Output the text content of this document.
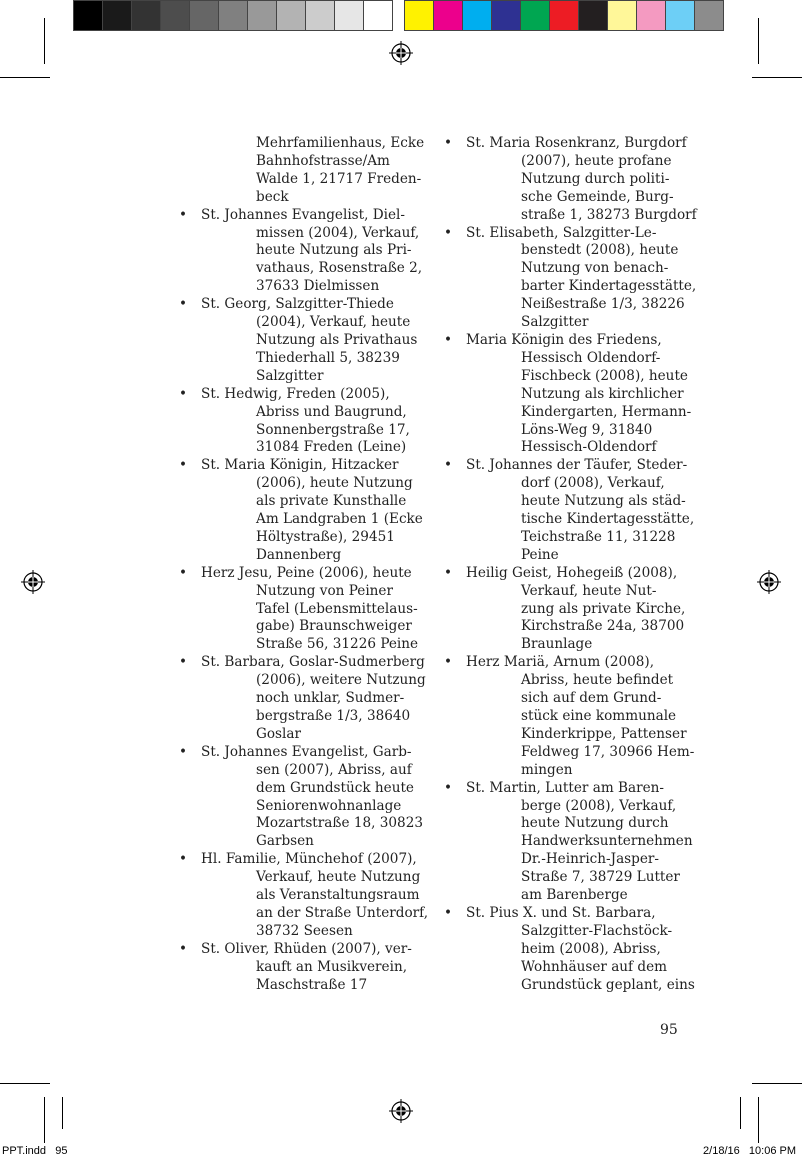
Mehrfamilienhaus, Ecke
Bahnhofstrasse/Am
Walde 1, 21717 Freden-
beck
• St. Johannes Evangelist, Diel-
missen (2004), Verkauf,
heute Nutzung als Pri-
vathaus, Rosenstraße 2,
37633 Dielmissen
• St. Georg, Salzgitter-Thiede
(2004), Verkauf, heute
Nutzung als Privathaus
Thiederhall 5, 38239
Salzgitter
• St. Hedwig, Freden (2005),
Abriss und Baugrund,
Sonnenbergstraße 17,
31084 Freden (Leine)
• St. Maria Königin, Hitzacker
(2006), heute Nutzung
als private Kunsthalle
Am Landgraben 1 (Ecke
Höltystraße), 29451
Dannenberg
• Herz Jesu, Peine (2006), heute
Nutzung von Peiner
Tafel (Lebensmittelaus-
gabe) Braunschweiger
Straße 56, 31226 Peine
• St. Barbara, Goslar-Sudmerberg
(2006), weitere Nutzung
noch unklar, Sudmer-
bergstraße 1/3, 38640
Goslar
• St. Johannes Evangelist, Garb-
sen (2007), Abriss, auf
dem Grundstück heute
Seniorenwohnanlage
Mozartstraße 18, 30823
Garbsen
• Hl. Familie, Münchehof (2007),
Verkauf, heute Nutzung
als Veranstaltungsraum
an der Straße Unterdorf,
38732 Seesen
• St. Oliver, Rhüden (2007), ver-
kauft an Musikverein,
Maschstraße 17
• St. Maria Rosenkranz, Burgdorf
(2007), heute profane
Nutzung durch politi-
sche Gemeinde, Burg-
straße 1, 38273 Burgdorf
• St. Elisabeth, Salzgitter-Le-
benstedt (2008), heute
Nutzung von benach-
barter Kindertagesstätte,
Neißestraße 1/3, 38226
Salzgitter
• Maria Königin des Friedens,
Hessisch Oldendorf-
Fischbeck (2008), heute
Nutzung als kirchlicher
Kindergarten, Hermann-
Löns-Weg 9, 31840
Hessisch-Oldendorf
• St. Johannes der Täufer, Steder-
dorf (2008), Verkauf,
heute Nutzung als städ-
tische Kindertagesstätte,
Teichstraße 11, 31228
Peine
• Heilig Geist, Hohegeiß (2008),
Verkauf, heute Nut-
zung als private Kirche,
Kirchstraße 24a, 38700
Braunlage
• Herz Mariä, Arnum (2008),
Abriss, heute befindet
sich auf dem Grund-
stück eine kommunale
Kinderkrippe, Pattenser
Feldweg 17, 30966 Hem-
mingen
• St. Martin, Lutter am Baren-
berge (2008), Verkauf,
heute Nutzung durch
Handwerksunternehmen
Dr.-Heinrich-Jasper-
Straße 7, 38729 Lutter
am Barenberge
• St. Pius X. und St. Barbara,
Salzgitter-Flachstöck-
heim (2008), Abriss,
Wohnhäuser auf dem
Grundstück geplant, eins
95
PPT.indd   95	2/18/16   10:06 PM
